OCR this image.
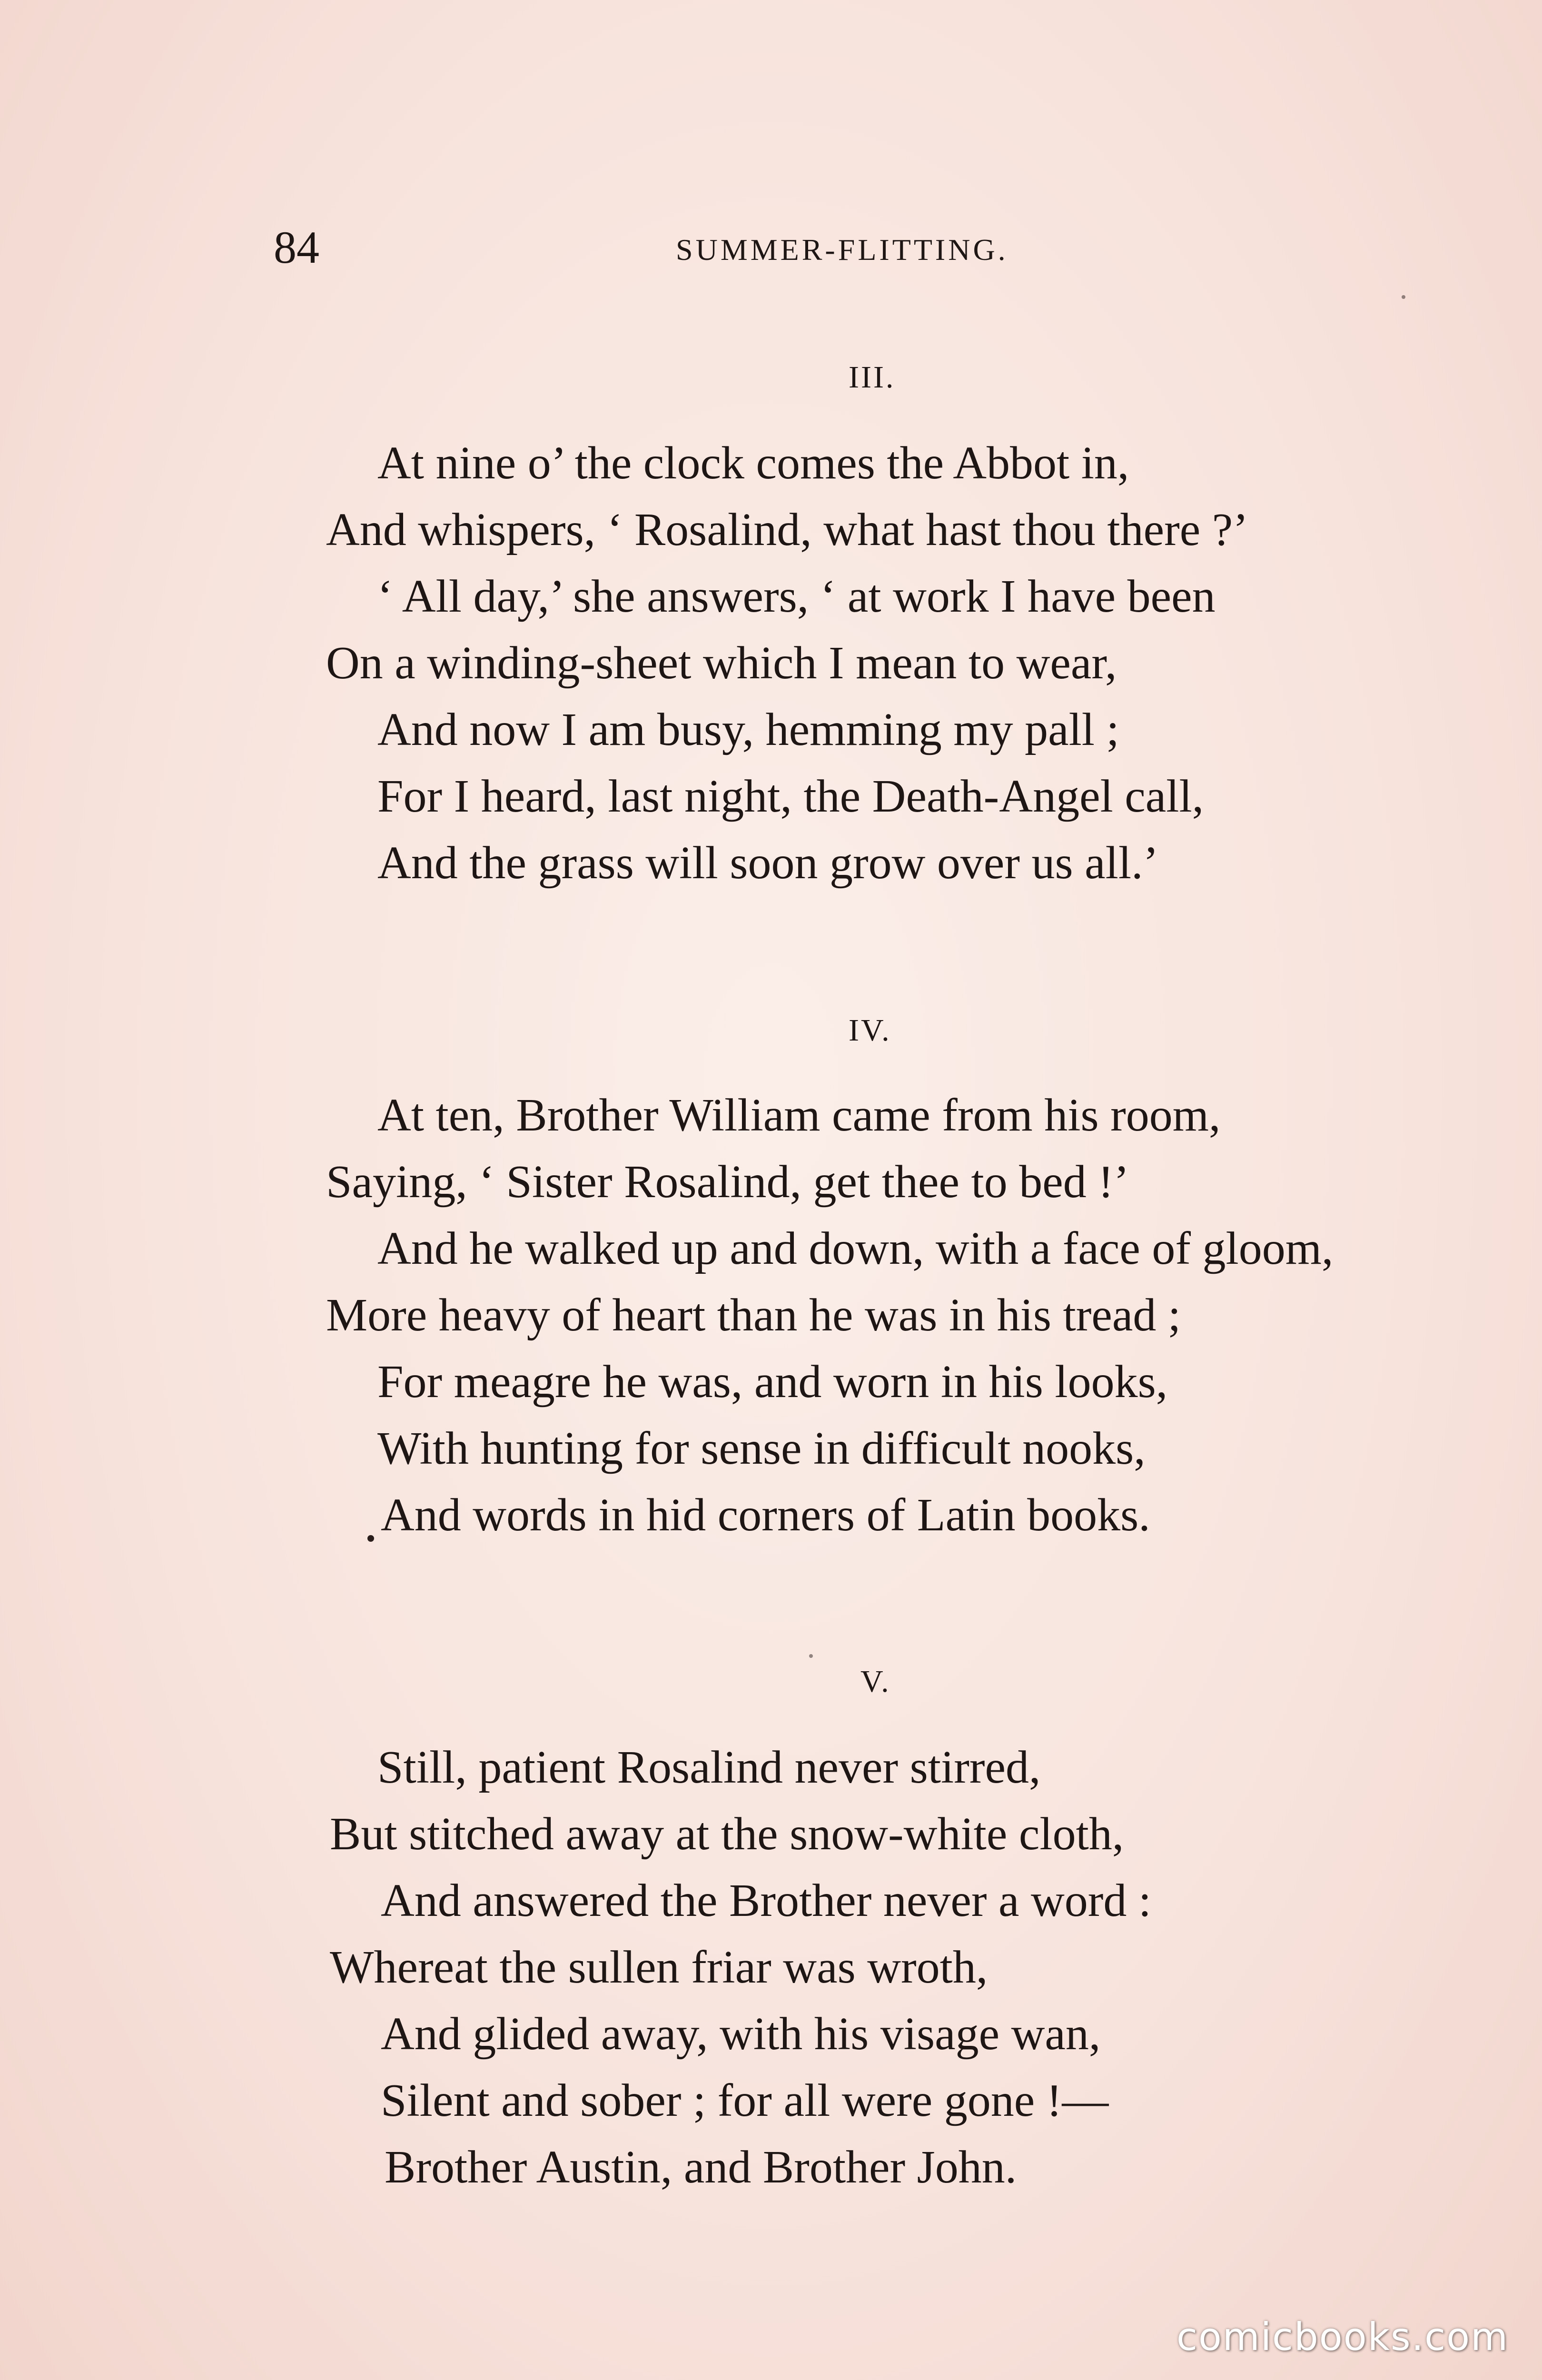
84	SUMMER-FLITTING.
III.
At nine o’ the clock comes the Abbot in,
And whispers, ‘ Rosalind, what hast thou there ?’
‘ All day,’ she answers, ‘ at work I have been
On a winding-sheet which I mean to wear,
And now I am busy, hemming my pall ;
For I heard, last night, the Death-Angel call,
And the grass will soon grow over us all.’
IV.
At ten, Brother William came from his room,
Saying, ‘ Sister Rosalind, get thee to bed !’
And he walked up and down, with a face of gloom,
More heavy of heart than he was in his tread ;
For meagre he was, and worn in his looks,
With hunting for sense in difficult nooks,
And words in hid corners of Latin books.
V.
Still, patient Rosalind never stirred,
But stitched away at the snow-white cloth,
And answered the Brother never a word :
Whereat the sullen friar was wroth,
And glided away, with his visage wan,
Silent and sober ; for all were gone !—
Brother Austin, and Brother John.
comicbooks.com
